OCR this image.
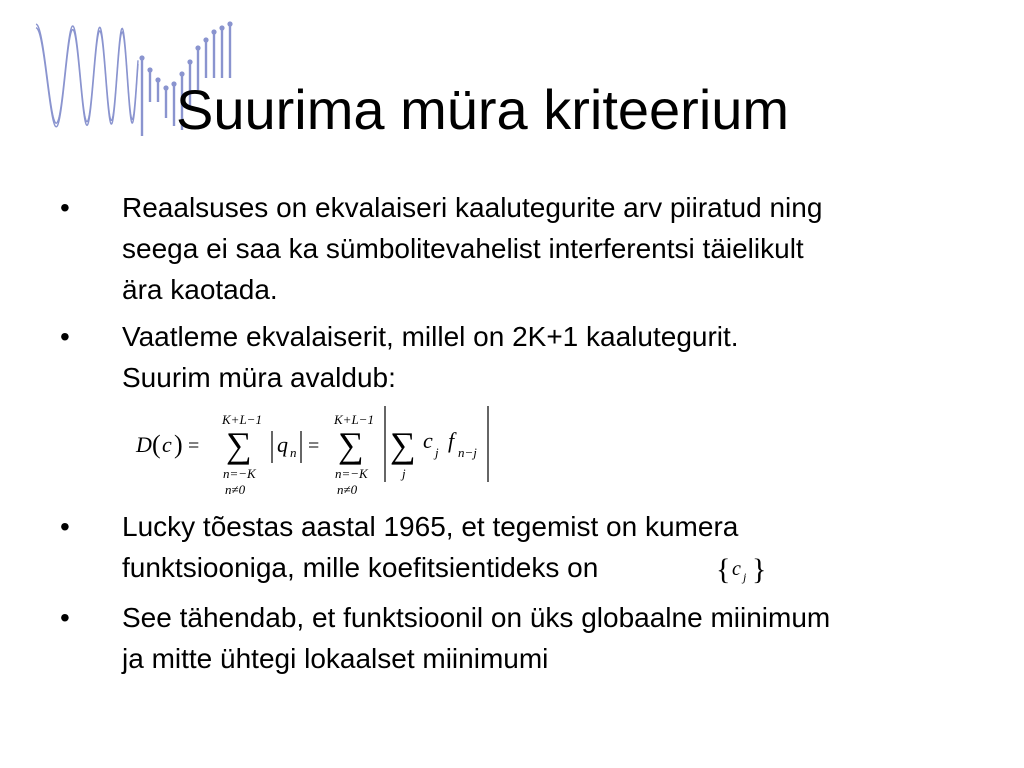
Suurima müra kriteerium
• Reaalsuses on ekvalaiseri kaalutegurite arv piiratud ning
seega ei saa ka sümbolitevahelist interferentsi täielikult
ära kaotada.
• Vaatleme ekvalaiserit, millel on 2K+1 kaalutegurit.
Suurim müra avaldub:
• Lucky tõestas aastal 1965, et tegemist on kumera
funktsiooniga, mille koefitsientideks on
• See tähendab, et funktsioonil on üks globaalne miinimum
ja mitte ühtegi lokaalset miinimumi
D ( c ) =
K+L−1
∑
n=−K
n≠0
q n =
K+L−1
∑
n=−K
n≠0
∑
j
c j f n−j
{ c j }
